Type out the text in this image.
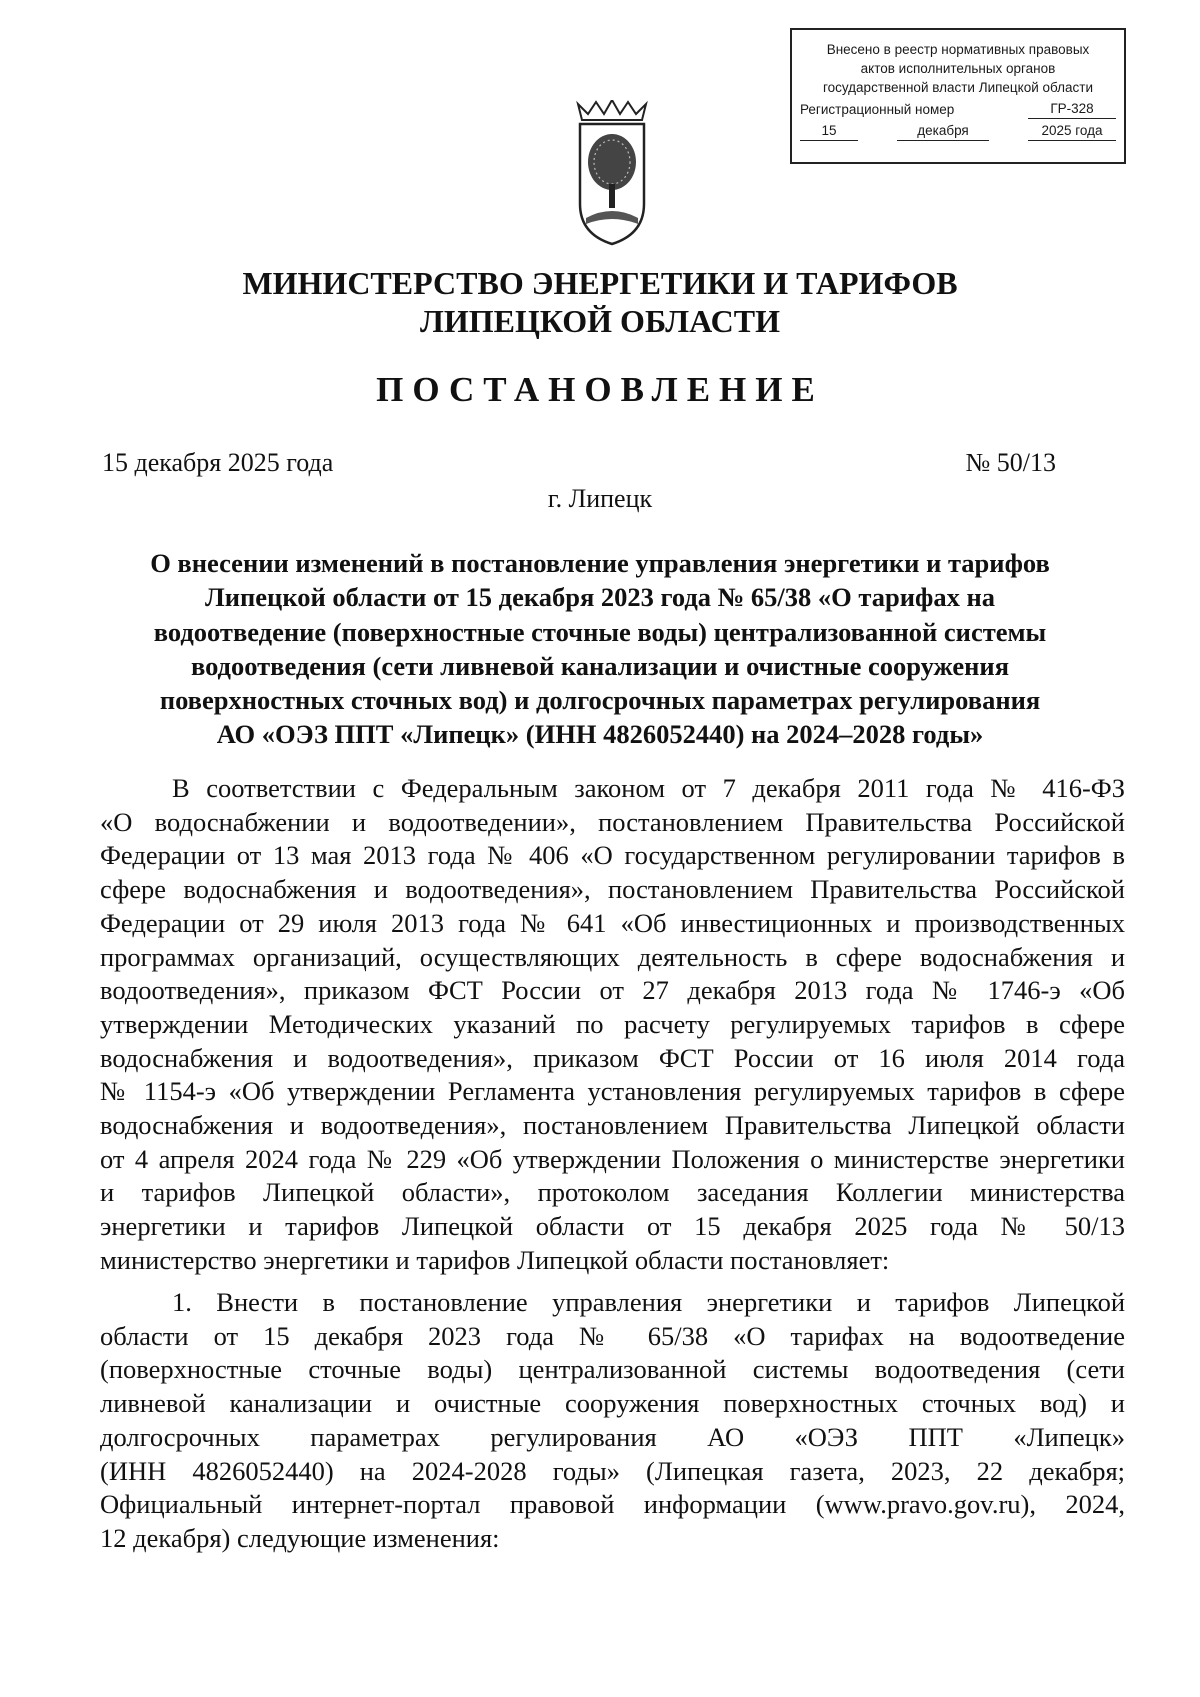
Внесено в реестр нормативных правовых
актов исполнительных органов
государственной власти Липецкой области
Регистрационный номер	ГР-328
15	декабря	2025 года
МИНИСТЕРСТВО ЭНЕРГЕТИКИ И ТАРИФОВ
ЛИПЕЦКОЙ ОБЛАСТИ
ПОСТАНОВЛЕНИЕ
15 декабря 2025 года	№ 50/13
г. Липецк
О внесении изменений в постановление управления энергетики и тарифов
Липецкой области от 15 декабря 2023 года № 65/38 «О тарифах на
водоотведение (поверхностные сточные воды) централизованной системы
водоотведения (сети ливневой канализации и очистные сооружения
поверхностных сточных вод) и долгосрочных параметрах регулирования
АО «ОЭЗ ППТ «Липецк» (ИНН 4826052440) на 2024–2028 годы»
В соответствии с Федеральным законом от 7 декабря 2011 года № 416-ФЗ
«О водоснабжении и водоотведении», постановлением Правительства Российской
Федерации от 13 мая 2013 года № 406 «О государственном регулировании тарифов в
сфере водоснабжения и водоотведения», постановлением Правительства Российской
Федерации от 29 июля 2013 года № 641 «Об инвестиционных и производственных
программах организаций, осуществляющих деятельность в сфере водоснабжения и
водоотведения», приказом ФСТ России от 27 декабря 2013 года № 1746-э «Об
утверждении Методических указаний по расчету регулируемых тарифов в сфере
водоснабжения и водоотведения», приказом ФСТ России от 16 июля 2014 года
№ 1154-э «Об утверждении Регламента установления регулируемых тарифов в сфере
водоснабжения и водоотведения», постановлением Правительства Липецкой области
от 4 апреля 2024 года № 229 «Об утверждении Положения о министерстве энергетики
и тарифов Липецкой области», протоколом заседания Коллегии министерства
энергетики и тарифов Липецкой области от 15 декабря 2025 года № 50/13
министерство энергетики и тарифов Липецкой области постановляет:
1. Внести в постановление управления энергетики и тарифов Липецкой
области от 15 декабря 2023 года № 65/38 «О тарифах на водоотведение
(поверхностные сточные воды) централизованной системы водоотведения (сети
ливневой канализации и очистные сооружения поверхностных сточных вод) и
долгосрочных параметрах регулирования АО «ОЭЗ ППТ «Липецк»
(ИНН 4826052440) на 2024-2028 годы» (Липецкая газета, 2023, 22 декабря;
Официальный интернет-портал правовой информации (www.pravo.gov.ru), 2024,
12 декабря) следующие изменения:
